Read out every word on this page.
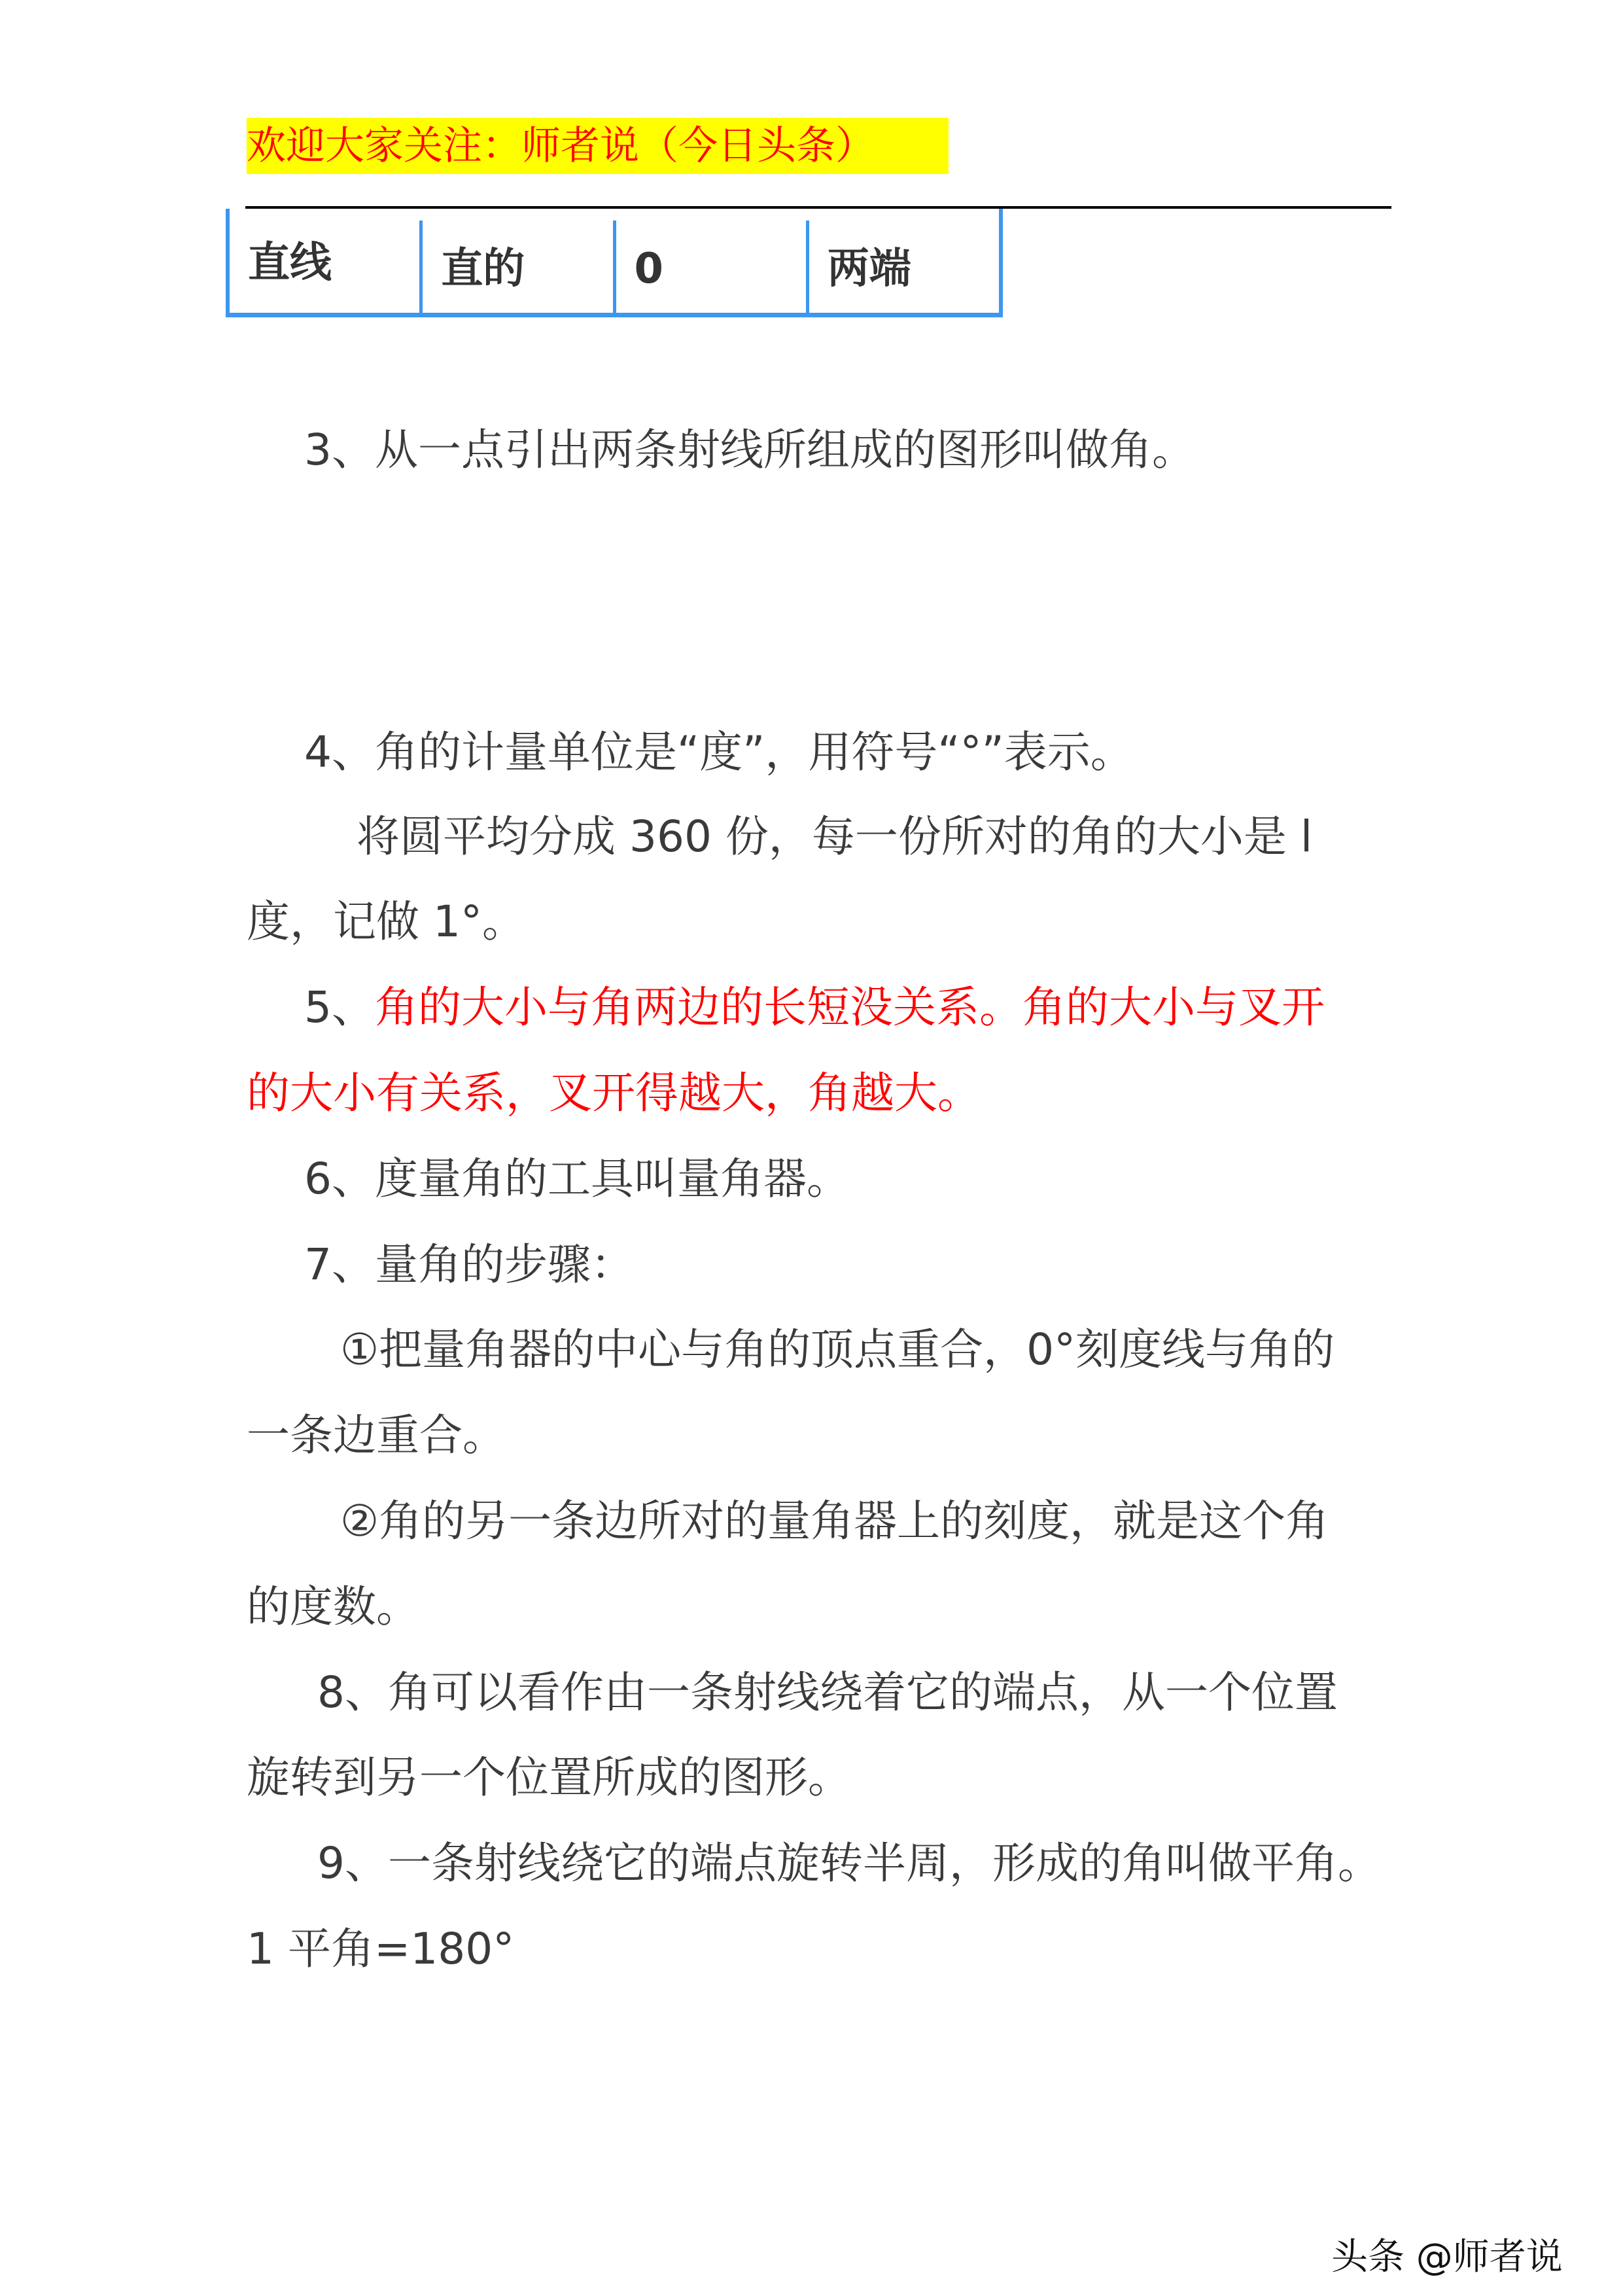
欢迎大家关注：师者说（今日头条）
直线	直的	0	两端
3、从一点引出两条射线所组成的图形叫做角。
4、角的计量单位是“度”，用符号“°”表示。
将圆平均分成 360 份，每一份所对的角的大小是 l
度，记做 1°。
5、角的大小与角两边的长短没关系。角的大小与叉开
的大小有关系，叉开得越大，角越大。
6、度量角的工具叫量角器。
7、量角的步骤：
①把量角器的中心与角的顶点重合，0°刻度线与角的
一条边重合。
②角的另一条边所对的量角器上的刻度，就是这个角
的度数。
8、角可以看作由一条射线绕着它的端点，从一个位置
旋转到另一个位置所成的图形。
9、一条射线绕它的端点旋转半周，形成的角叫做平角。
1 平角=180°
头条 @师者说
